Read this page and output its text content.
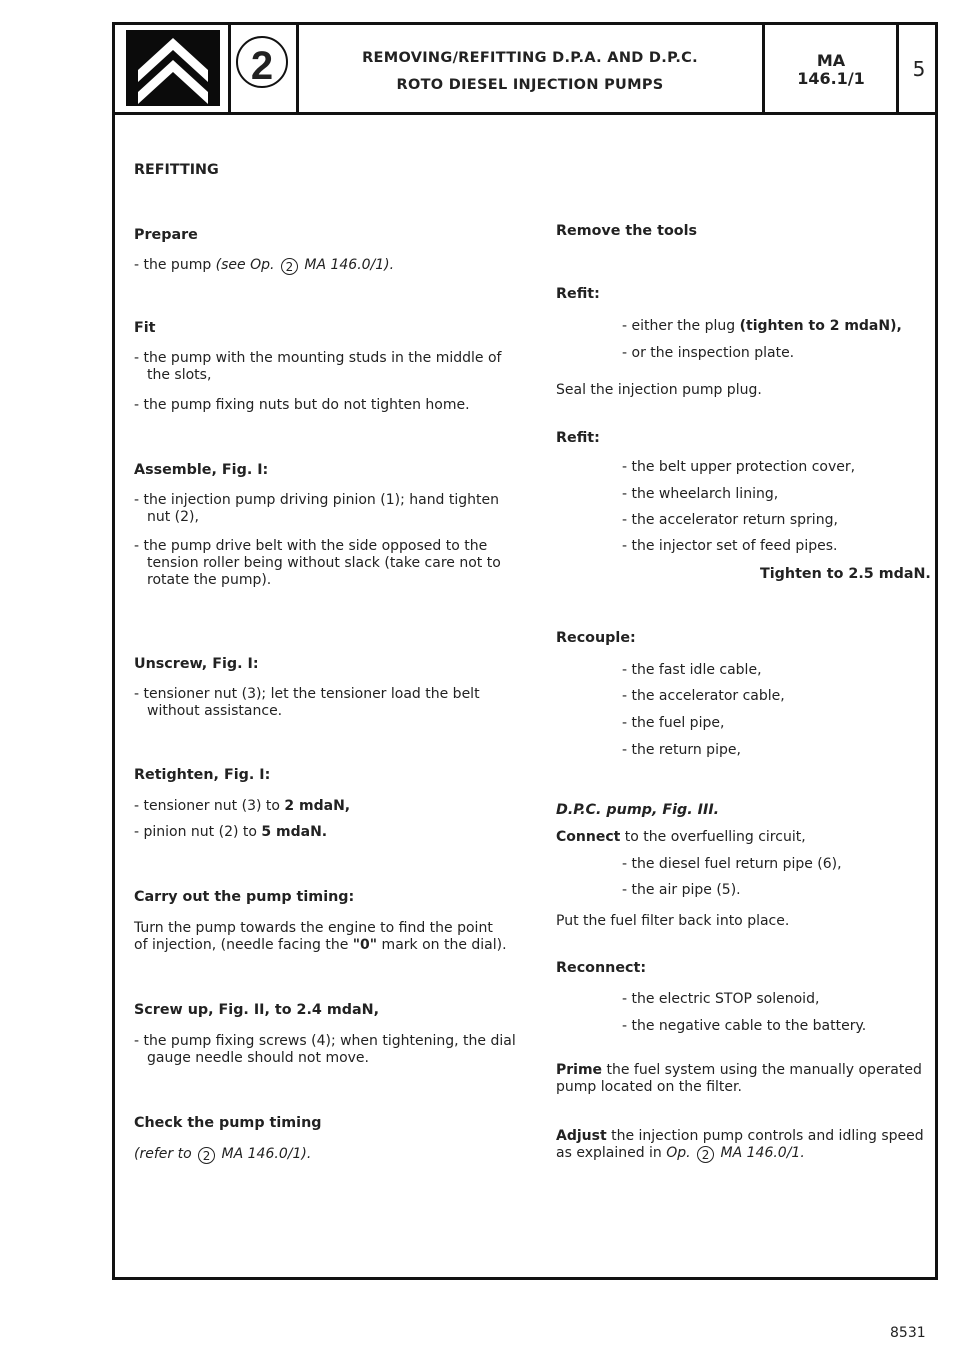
2	REMOVING/REFITTING D.P.A. AND D.P.C.
ROTO DIESEL INJECTION PUMPS
MA
146.1/1	5
REFITTING
Prepare
- the pump (see Op. 2 MA 146.0/1).
Fit
- the pump with the mounting studs in the middle of
the slots,
- the pump fixing nuts but do not tighten home.
Assemble, Fig. I:
- the injection pump driving pinion (1); hand tighten
nut (2),
- the pump drive belt with the side opposed to the
tension roller being without slack (take care not to
rotate the pump).
Unscrew, Fig. I:
- tensioner nut (3); let the tensioner load the belt
without assistance.
Retighten, Fig. I:
- tensioner nut (3) to 2 mdaN,
- pinion nut (2) to 5 mdaN.
Carry out the pump timing:
Turn the pump towards the engine to find the point
of injection, (needle facing the "0" mark on the dial).
Screw up, Fig. II, to 2.4 mdaN,
- the pump fixing screws (4); when tightening, the dial
gauge needle should not move.
Check the pump timing
(refer to 2 MA 146.0/1).
Remove the tools
Refit:
- either the plug (tighten to 2 mdaN),
- or the inspection plate.
Seal the injection pump plug.
Refit:
- the belt upper protection cover,
- the wheelarch lining,
- the accelerator return spring,
- the injector set of feed pipes.
Tighten to 2.5 mdaN.
Recouple:
- the fast idle cable,
- the accelerator cable,
- the fuel pipe,
- the return pipe,
D.P.C. pump, Fig. III.
Connect to the overfuelling circuit,
- the diesel fuel return pipe (6),
- the air pipe (5).
Put the fuel filter back into place.
Reconnect:
- the electric STOP solenoid,
- the negative cable to the battery.
Prime the fuel system using the manually operated
pump located on the filter.
Adjust the injection pump controls and idling speed
as explained in Op. 2 MA 146.0/1.
8531
